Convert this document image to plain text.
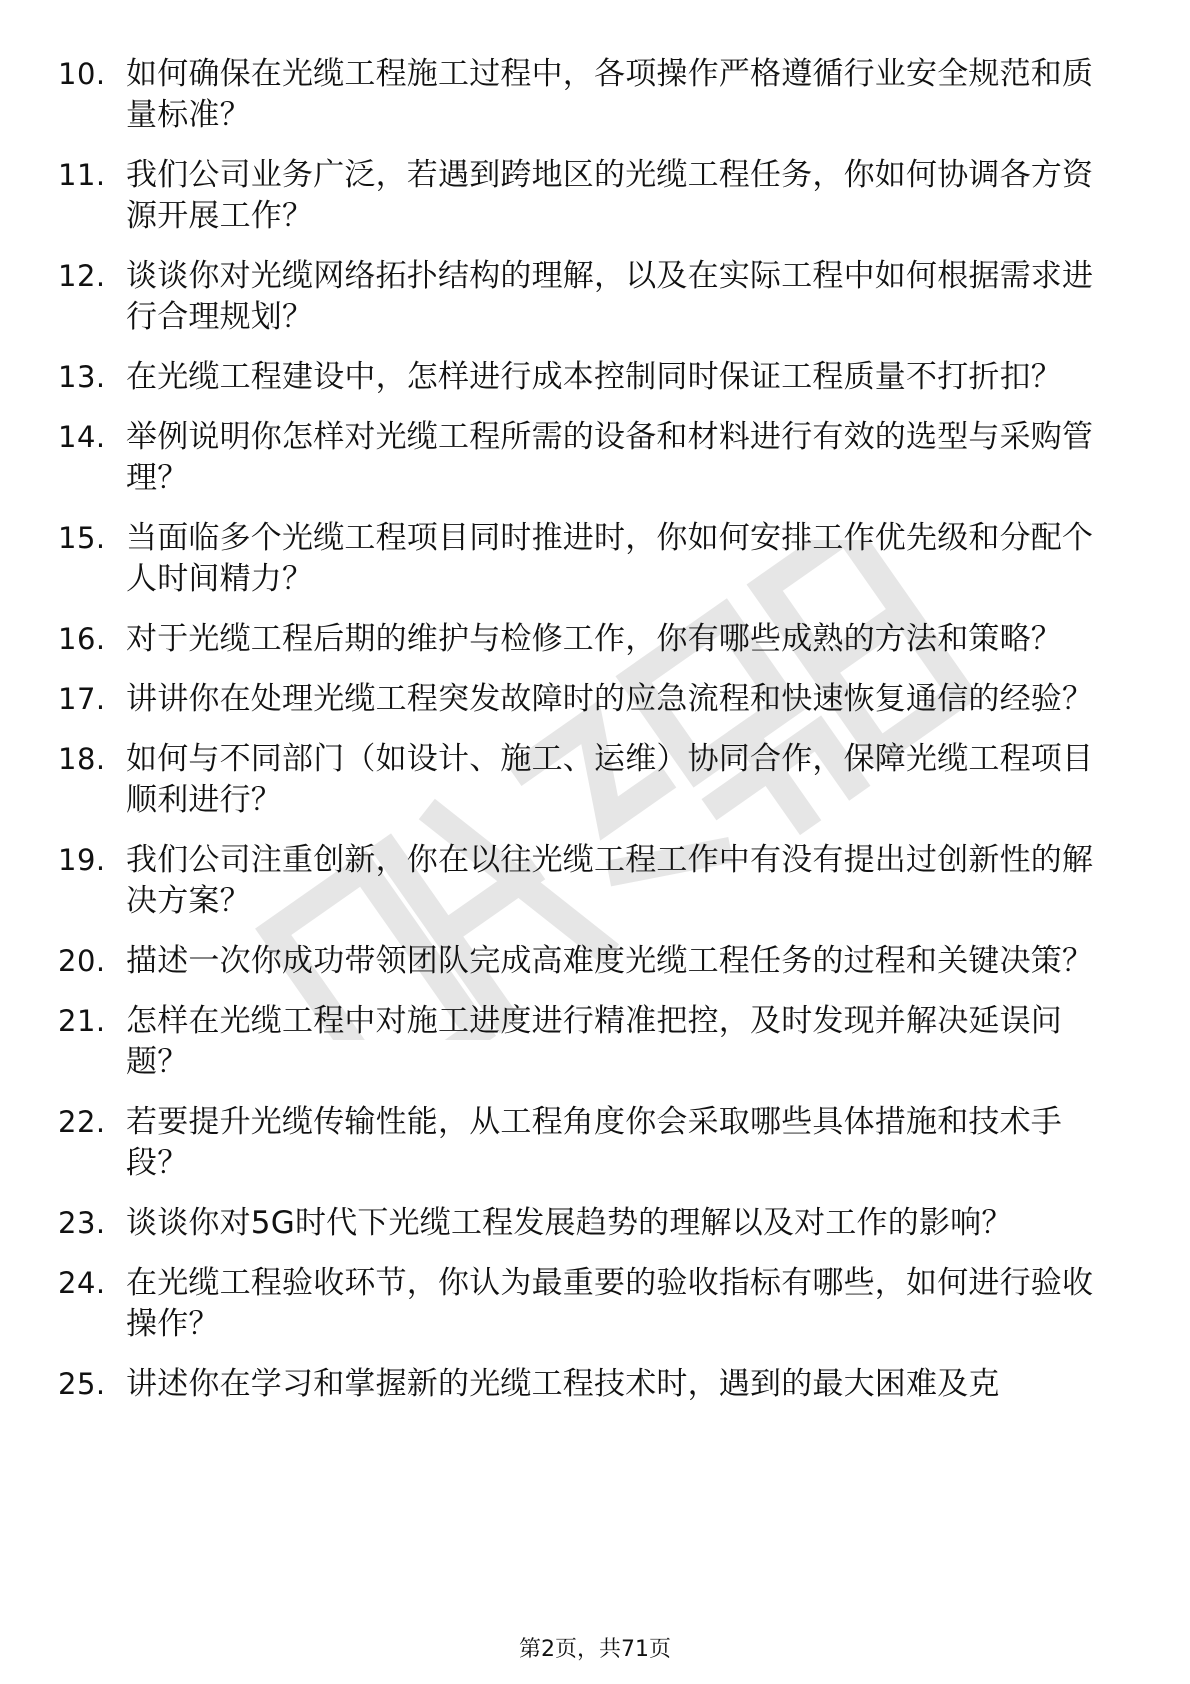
10. 如何确保在光缆工程施工过程中，各项操作严格遵循行业安全规范和质量标准？
11. 我们公司业务广泛，若遇到跨地区的光缆工程任务，你如何协调各方资源开展工作？
12. 谈谈你对光缆网络拓扑结构的理解，以及在实际工程中如何根据需求进行合理规划？
13. 在光缆工程建设中，怎样进行成本控制同时保证工程质量不打折扣？
14. 举例说明你怎样对光缆工程所需的设备和材料进行有效的选型与采购管理？
15. 当面临多个光缆工程项目同时推进时，你如何安排工作优先级和分配个人时间精力？
16. 对于光缆工程后期的维护与检修工作，你有哪些成熟的方法和策略？
17. 讲讲你在处理光缆工程突发故障时的应急流程和快速恢复通信的经验？
18. 如何与不同部门（如设计、施工、运维）协同合作，保障光缆工程项目顺利进行？
19. 我们公司注重创新，你在以往光缆工程工作中有没有提出过创新性的解决方案？
20. 描述一次你成功带领团队完成高难度光缆工程任务的过程和关键决策？
21. 怎样在光缆工程中对施工进度进行精准把控，及时发现并解决延误问题？
22. 若要提升光缆传输性能，从工程角度你会采取哪些具体措施和技术手段？
23. 谈谈你对5G时代下光缆工程发展趋势的理解以及对工作的影响？
24. 在光缆工程验收环节，你认为最重要的验收指标有哪些，如何进行验收操作？
25. 讲述你在学习和掌握新的光缆工程技术时，遇到的最大困难及克
第2页，共71页
